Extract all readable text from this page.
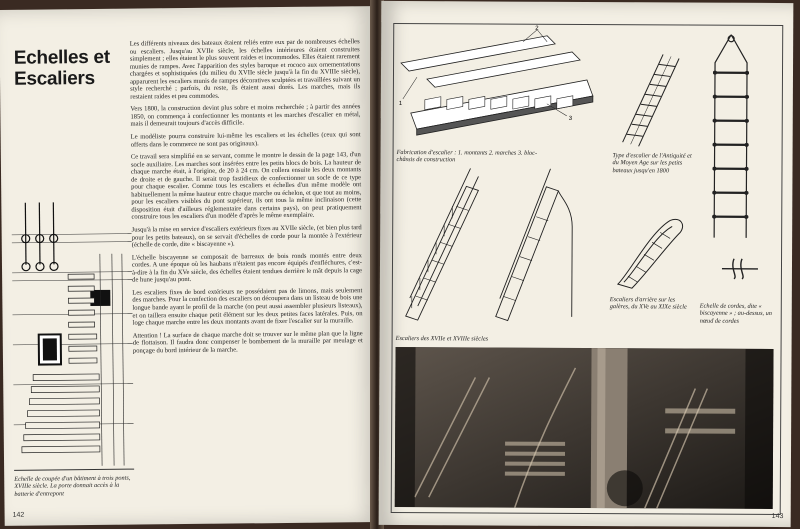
Echelles et Escaliers

Les différents niveaux des bateaux étaient reliés entre eux par de nombreuses échelles ou escaliers. Jusqu'au XVIIe siècle, les échelles intérieures étaient construites simplement ; elles étaient le plus souvent raides et incommodes. Elles étaient rarement munies de rampes. Avec l'apparition des styles baroque et rococo aux ornementations chargées et sophistiquées (du milieu du XVIIe siècle jusqu'à la fin du XVIIIe siècle), apparurent les escaliers munis de rampes décoratives sculptées et travaillées suivant un style recherché ; parfois, du reste, ils étaient aussi dorés. Les marches, mais ils restaient raides et peu commodes.

Vers 1800, la construction devint plus sobre et moins recherchée ; à partir des années 1850, on commença à confectionner les montants et les marches d'escalier en métal, mais il demeurait toujours d'accès difficile.

Le modéliste pourra construire lui-même les escaliers et les échelles (ceux qui sont offerts dans le commerce ne sont pas originaux).

Ce travail sera simplifié en se servant, comme le montre le dessin de la page 143, d'un socle auxiliaire. Les marches sont insérées entre les petits blocs de bois. La hauteur de chaque marche était, à l'origine, de 20 à 24 cm. On collera ensuite les deux montants de droite et de gauche. Il serait trop fastidieux de confectionner un socle de ce type pour chaque escalier. Comme tous les escaliers et échelles d'un même modèle ont habituellement la même hauteur entre chaque marche ou échelon, et que tout au moins, pour les escaliers visibles du pont supérieur, ils ont tous la même inclinaison (cette disposition était d'ailleurs réglementaire dans certains pays), on peut pratiquement construire tous les escaliers d'un modèle d'après le même exemplaire.

Jusqu'à la mise en service d'escaliers extérieurs fixes au XVIIe siècle, (et bien plus tard pour les petits bateaux), on se servait d'échelles de corde pour la montée à l'extérieur (échelle de corde, dite « biscayenne »).

L'échelle biscayenne se composait de barreaux de bois ronds montés entre deux cordes. A une époque où les haubans n'étaient pas encore équipés d'enfléchures, c'est-à-dire à la fin du XVe siècle, des échelles étaient tendues derrière le mât depuis la cage de hune jusqu'au pont.

Les escaliers fixes de bord extérieurs ne possédaient pas de limons, mais seulement des marches. Pour la confection des escaliers on découpera dans un listeau de bois une longue bande ayant le profil de la marche (on peut aussi assembler plusieurs listeaux), et on taillera ensuite chaque petit élément sur les deux petites faces latérales. Puis, on loge chaque marche entre les deux montants avant de fixer l'escalier sur la muraille.

Attention ! La surface de chaque marche doit se trouver sur le même plan que la ligne de flottaison. Il faudra donc compenser le bombement de la muraille par meulage et ponçage du bord intérieur de la marche.

Echelle de coupée d'un bâtiment à trois ponts, XVIIIe siècle. La porte donnait accès à la batterie d'entrepont
142
2
1
3
Fabrication d'escalier : 1. montants 2. marches 3. bloc-châssis de construction
Type d'escalier de l'Antiquité et du Moyen Age sur les petits bateaux jusqu'en 1800
Echelle de cordes, dite « biscayenne » ; au-dessus, un nœud de cordes
Escaliers des XVIIe et XVIIIe siècles
Escaliers d'arrière sur les galères, du XVe au XIXe siècle
143
